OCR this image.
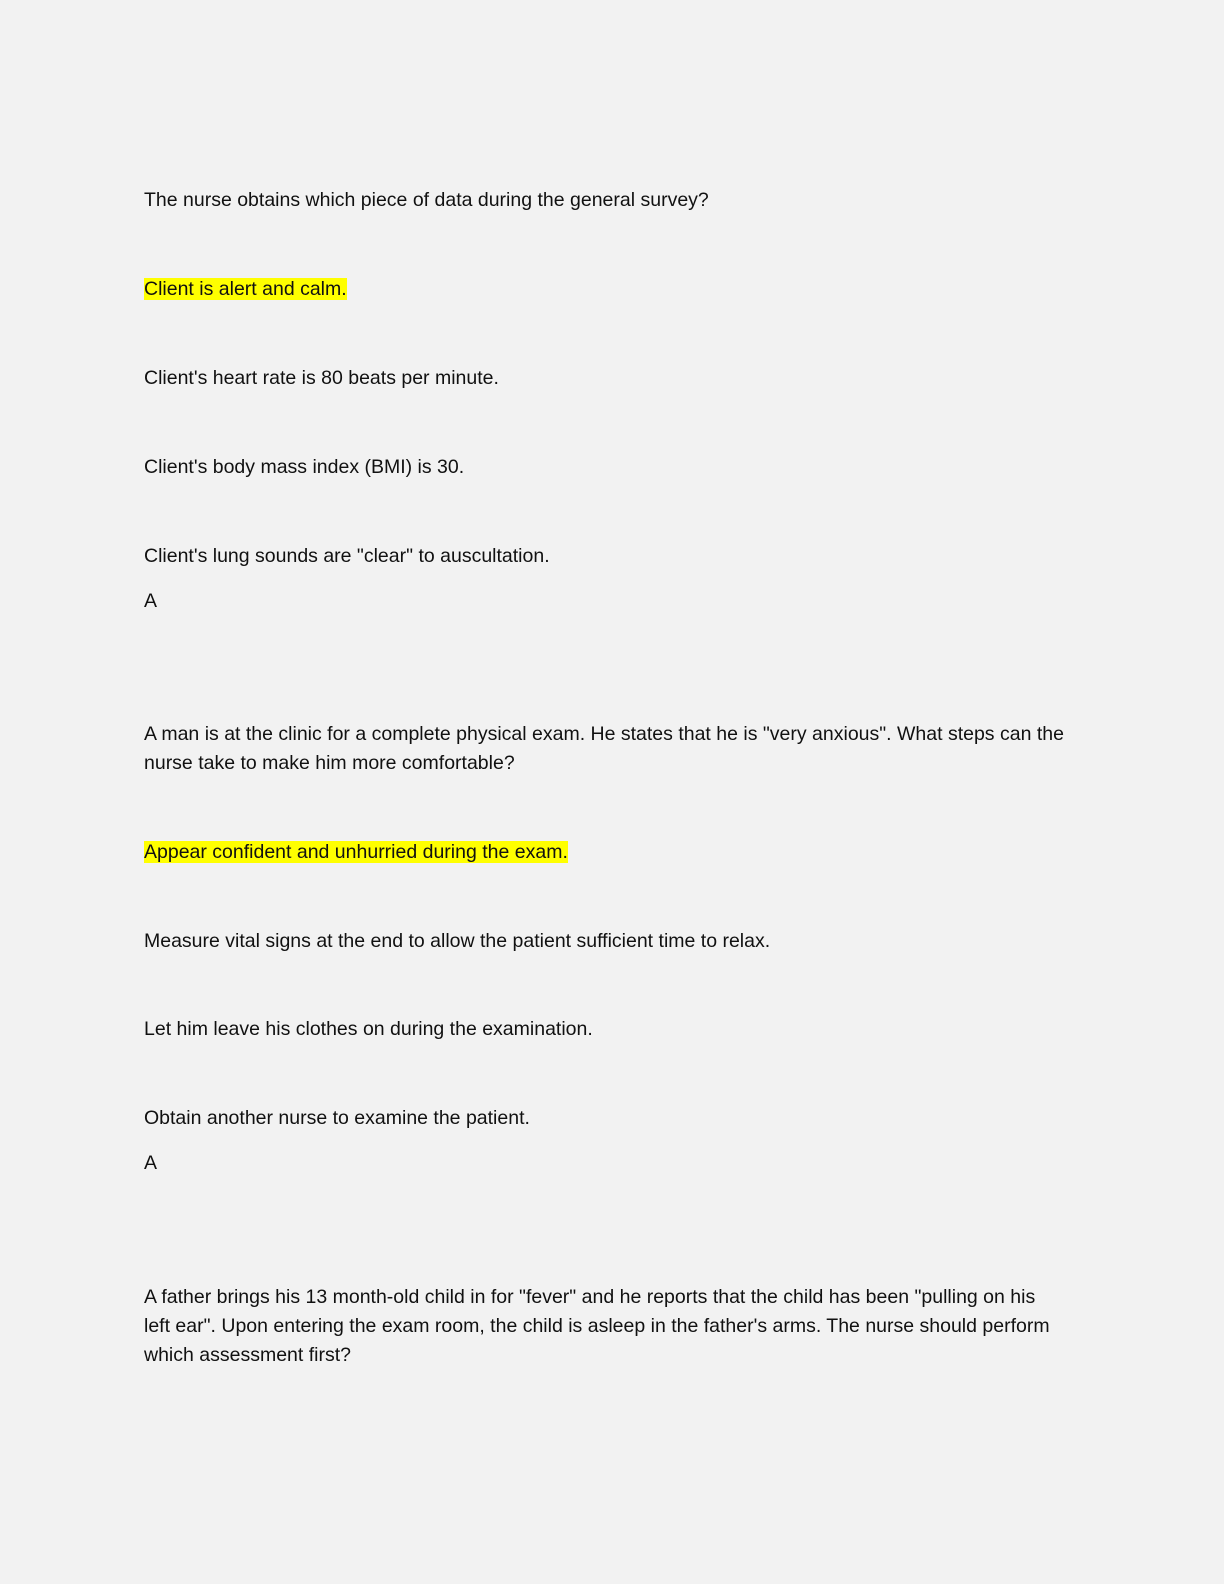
The nurse obtains which piece of data during the general survey?

Client is alert and calm.

Client's heart rate is 80 beats per minute.

Client's body mass index (BMI) is 30.

Client's lung sounds are "clear" to auscultation.

A

A man is at the clinic for a complete physical exam. He states that he is "very anxious". What steps can the nurse take to make him more comfortable?

Appear confident and unhurried during the exam.

Measure vital signs at the end to allow the patient sufficient time to relax.

Let him leave his clothes on during the examination.

Obtain another nurse to examine the patient.

A

A father brings his 13 month-old child in for "fever" and he reports that the child has been "pulling on his left ear". Upon entering the exam room, the child is asleep in the father's arms. The nurse should perform which assessment first?
